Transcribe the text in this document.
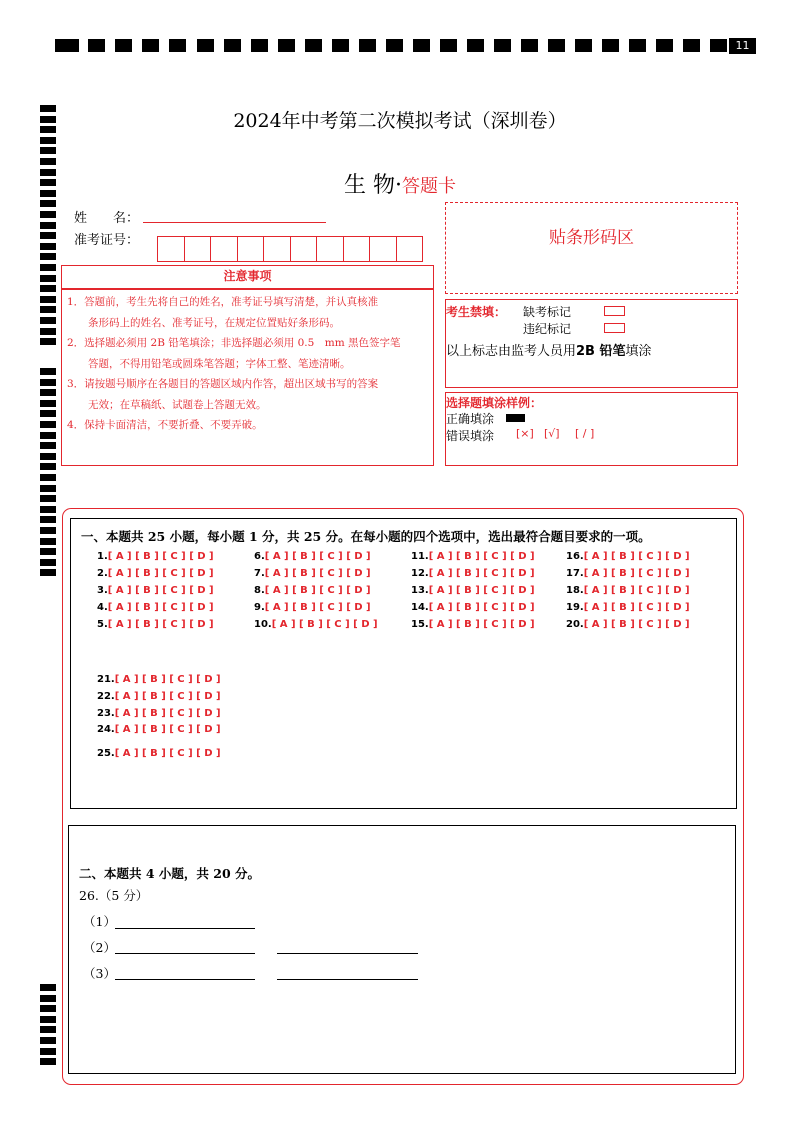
11
2024年中考第二次模拟考试（深圳卷）
生 物·答题卡
姓　　名：
准考证号：	贴条形码区
注意事项
1．答题前，考生先将自己的姓名，准考证号填写清楚，并认真核准
　　条形码上的姓名、准考证号，在规定位置贴好条形码。
2．选择题必须用 2B 铅笔填涂；非选择题必须用 0.5　mm 黑色签字笔
　　答题，不得用铅笔或圆珠笔答题；字体工整、笔迹清晰。
3．请按题号顺序在各题目的答题区域内作答，超出区域书写的答案
　　无效；在草稿纸、试题卷上答题无效。
4．保持卡面清洁，不要折叠、不要弄破。
考生禁填： 缺考标记
违纪标记
以上标志由监考人员用2B 铅笔填涂
选择题填涂样例：
正确填涂
错误填涂 [×] [√] [ / ]
一、本题共 25 小题，每小题 1 分，共 25 分。在每小题的四个选项中，选出最符合题目要求的一项。
1.[ A ] [ B ] [ C ] [ D ]
2.[ A ] [ B ] [ C ] [ D ]
3.[ A ] [ B ] [ C ] [ D ]
4.[ A ] [ B ] [ C ] [ D ]
5.[ A ] [ B ] [ C ] [ D ]
6.[ A ] [ B ] [ C ] [ D ]
7.[ A ] [ B ] [ C ] [ D ]
8.[ A ] [ B ] [ C ] [ D ]
9.[ A ] [ B ] [ C ] [ D ]
10.[ A ] [ B ] [ C ] [ D ]
11.[ A ] [ B ] [ C ] [ D ]
12.[ A ] [ B ] [ C ] [ D ]
13.[ A ] [ B ] [ C ] [ D ]
14.[ A ] [ B ] [ C ] [ D ]
15.[ A ] [ B ] [ C ] [ D ]
16.[ A ] [ B ] [ C ] [ D ]
17.[ A ] [ B ] [ C ] [ D ]
18.[ A ] [ B ] [ C ] [ D ]
19.[ A ] [ B ] [ C ] [ D ]
20.[ A ] [ B ] [ C ] [ D ]
21.[ A ] [ B ] [ C ] [ D ]
22.[ A ] [ B ] [ C ] [ D ]
23.[ A ] [ B ] [ C ] [ D ]
24.[ A ] [ B ] [ C ] [ D ]
25.[ A ] [ B ] [ C ] [ D ]
二、本题共 4 小题，共 20 分。
26.（5 分）
（1）
（2）
（3）
